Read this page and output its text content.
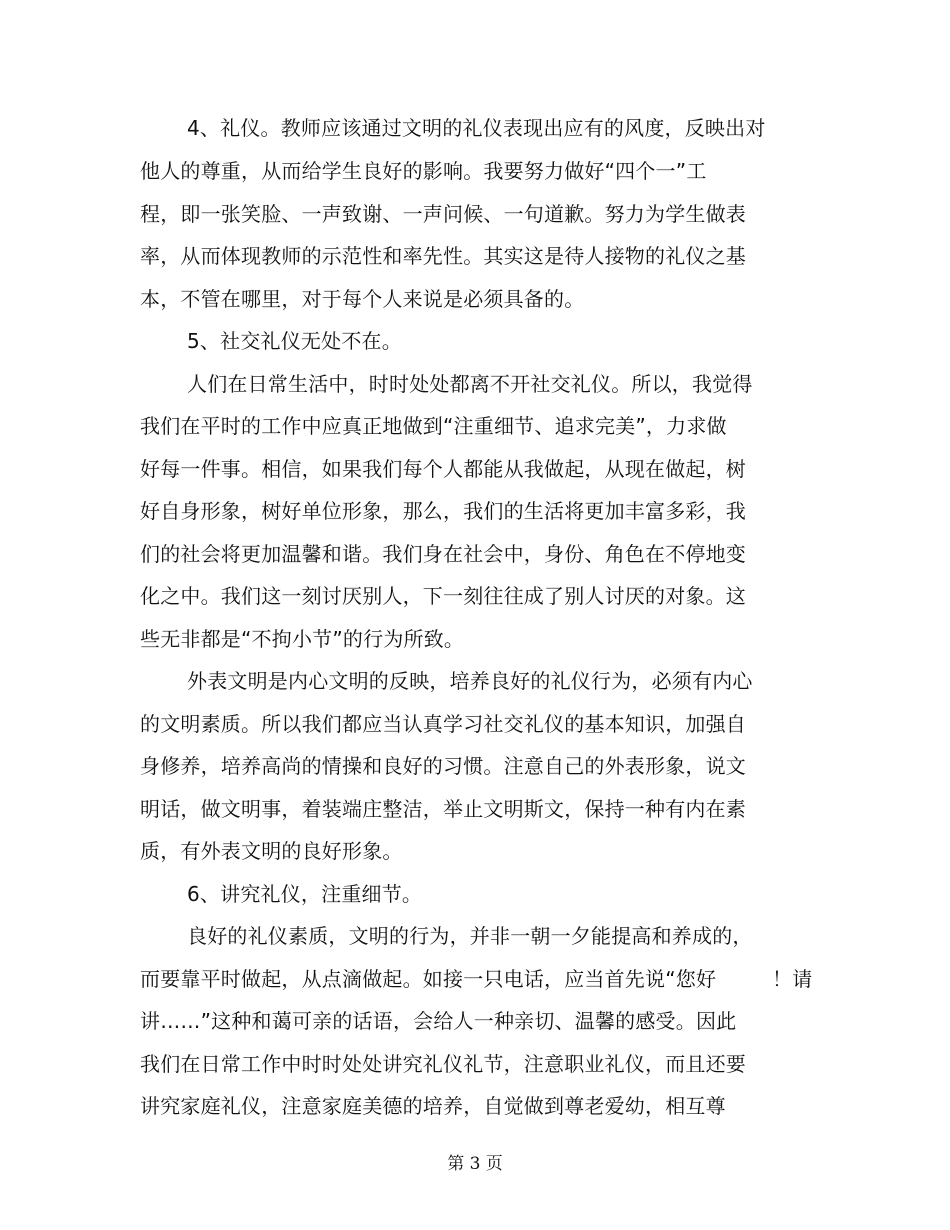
4、礼仪。教师应该通过文明的礼仪表现出应有的风度，反映出对
他人的尊重，从而给学生良好的影响。我要努力做好“四个一”工
程，即一张笑脸、一声致谢、一声问候、一句道歉。努力为学生做表
率，从而体现教师的示范性和率先性。其实这是待人接物的礼仪之基
本，不管在哪里，对于每个人来说是必须具备的。
5、社交礼仪无处不在。
人们在日常生活中，时时处处都离不开社交礼仪。所以，我觉得
我们在平时的工作中应真正地做到“注重细节、追求完美”，力求做
好每一件事。相信，如果我们每个人都能从我做起，从现在做起，树
好自身形象，树好单位形象，那么，我们的生活将更加丰富多彩，我
们的社会将更加温馨和谐。我们身在社会中，身份、角色在不停地变
化之中。我们这一刻讨厌别人，下一刻往往成了别人讨厌的对象。这
些无非都是“不拘小节”的行为所致。
外表文明是内心文明的反映，培养良好的礼仪行为，必须有内心
的文明素质。所以我们都应当认真学习社交礼仪的基本知识，加强自
身修养，培养高尚的情操和良好的习惯。注意自己的外表形象，说文
明话，做文明事，着装端庄整洁，举止文明斯文，保持一种有内在素
质，有外表文明的良好形象。
6、讲究礼仪，注重细节。
良好的礼仪素质，文明的行为，并非一朝一夕能提高和养成的，
而要靠平时做起，从点滴做起。如接一只电话，应当首先说“您好	！请
讲……”这种和蔼可亲的话语，会给人一种亲切、温馨的感受。因此
我们在日常工作中时时处处讲究礼仪礼节，注意职业礼仪，而且还要
讲究家庭礼仪，注意家庭美德的培养，自觉做到尊老爱幼，相互尊
第 3 页
